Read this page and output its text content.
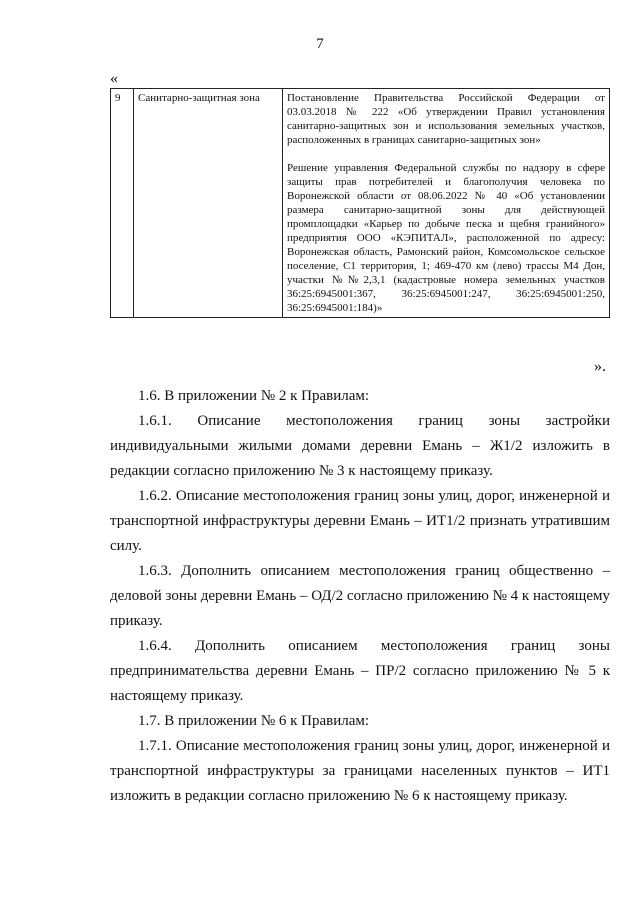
7
«
9	Санитарно-защитная зона	Постановление Правительства Российской Федерации от 03.03.2018 № 222 «Об утверждении Правил установления санитарно-защитных зон и использования земельных участков, расположенных в границах санитарно-защитных зон»

Решение управления Федеральной службы по надзору в сфере защиты прав потребителей и благополучия человека по Воронежской области от 08.06.2022 № 40 «Об установлении размера санитарно-защитной зоны для действующей промплощадки «Карьер по добыче песка и щебня гранийного» предприятия ООО «КЭПИТАЛ», расположенной по адресу: Воронежская область, Рамонский район, Комсомольское сельское поселение, С1 территория, 1; 469-470 км (лево) трассы М4 Дон, участки №№2,3,1 (кадастровые номера земельных участков 36:25:6945001:367, 36:25:6945001:247, 36:25:6945001:250, 36:25:6945001:184)»

».

1.6. В приложении № 2 к Правилам:

1.6.1. Описание местоположения границ зоны застройки индивидуальными жилыми домами деревни Емань – Ж1/2 изложить в редакции согласно приложению № 3 к настоящему приказу.

1.6.2. Описание местоположения границ зоны улиц, дорог, инженерной и транспортной инфраструктуры деревни Емань – ИТ1/2 признать утратившим силу.

1.6.3. Дополнить описанием местоположения границ общественно – деловой зоны деревни Емань – ОД/2 согласно приложению № 4 к настоящему приказу.

1.6.4. Дополнить описанием местоположения границ зоны предпринимательства деревни Емань – ПР/2 согласно приложению № 5 к настоящему приказу.

1.7. В приложении № 6 к Правилам:

1.7.1. Описание местоположения границ зоны улиц, дорог, инженерной и транспортной инфраструктуры за границами населенных пунктов – ИТ1 изложить в редакции согласно приложению № 6 к настоящему приказу.
